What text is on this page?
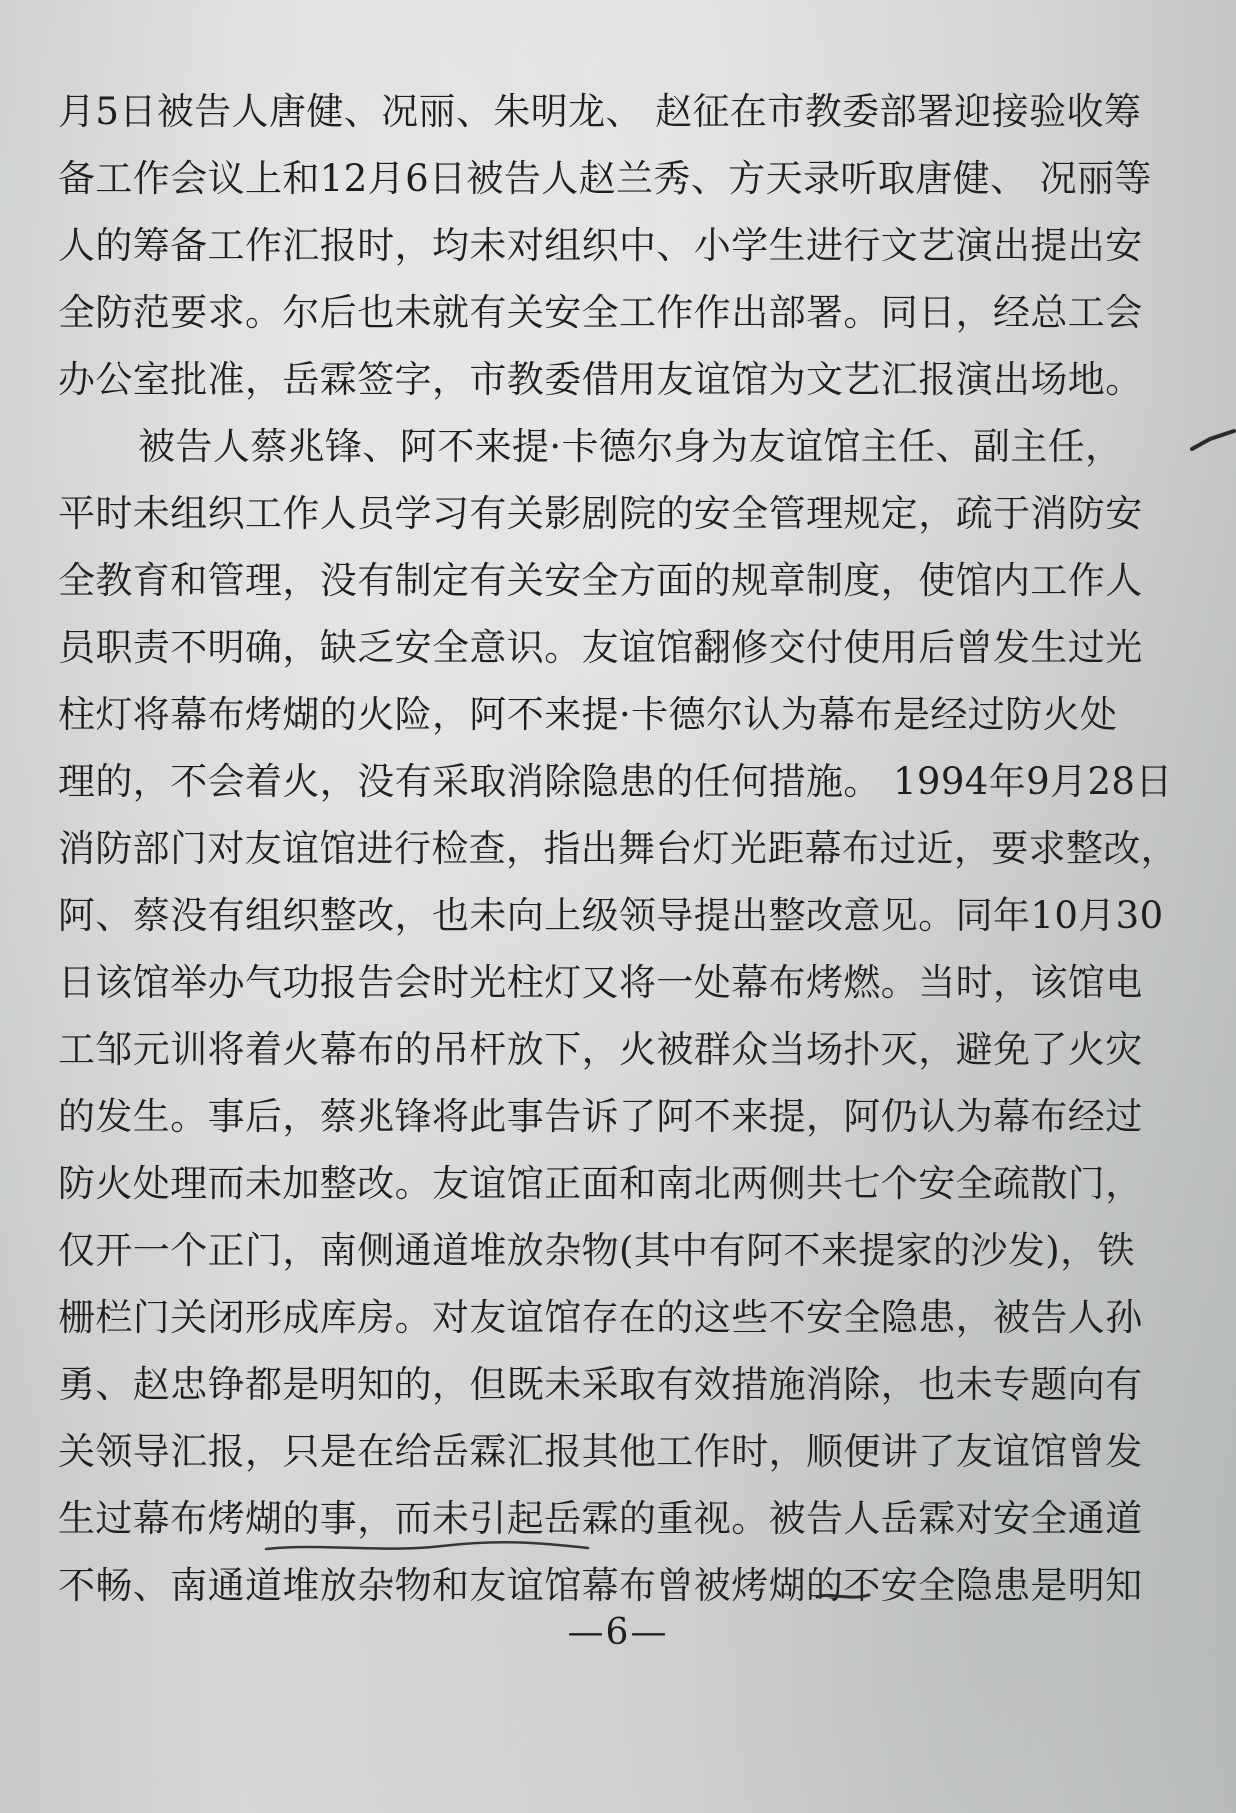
月5日被告人唐健、况丽、朱明龙、 赵征在市教委部署迎接验收筹
备工作会议上和12月6日被告人赵兰秀、方天录听取唐健、 况丽等
人的筹备工作汇报时，均未对组织中、小学生进行文艺演出提出安
全防范要求。尔后也未就有关安全工作作出部署。同日，经总工会
办公室批准，岳霖签字，市教委借用友谊馆为文艺汇报演出场地。
被告人蔡兆锋、阿不来提·卡德尔身为友谊馆主任、副主任，
平时未组织工作人员学习有关影剧院的安全管理规定，疏于消防安
全教育和管理，没有制定有关安全方面的规章制度，使馆内工作人
员职责不明确，缺乏安全意识。友谊馆翻修交付使用后曾发生过光
柱灯将幕布烤煳的火险，阿不来提·卡德尔认为幕布是经过防火处
理的，不会着火，没有采取消除隐患的任何措施。 1994年9月28日
消防部门对友谊馆进行检查，指出舞台灯光距幕布过近，要求整改，
阿、蔡没有组织整改，也未向上级领导提出整改意见。同年10月30
日该馆举办气功报告会时光柱灯又将一处幕布烤燃。当时，该馆电
工邹元训将着火幕布的吊杆放下，火被群众当场扑灭，避免了火灾
的发生。事后，蔡兆锋将此事告诉了阿不来提，阿仍认为幕布经过
防火处理而未加整改。友谊馆正面和南北两侧共七个安全疏散门，
仅开一个正门，南侧通道堆放杂物(其中有阿不来提家的沙发)，铁
栅栏门关闭形成库房。对友谊馆存在的这些不安全隐患，被告人孙
勇、赵忠铮都是明知的，但既未采取有效措施消除，也未专题向有
关领导汇报，只是在给岳霖汇报其他工作时，顺便讲了友谊馆曾发
生过幕布烤煳的事，而未引起岳霖的重视。被告人岳霖对安全通道
不畅、南通道堆放杂物和友谊馆幕布曾被烤煳的不安全隐患是明知
—6—
